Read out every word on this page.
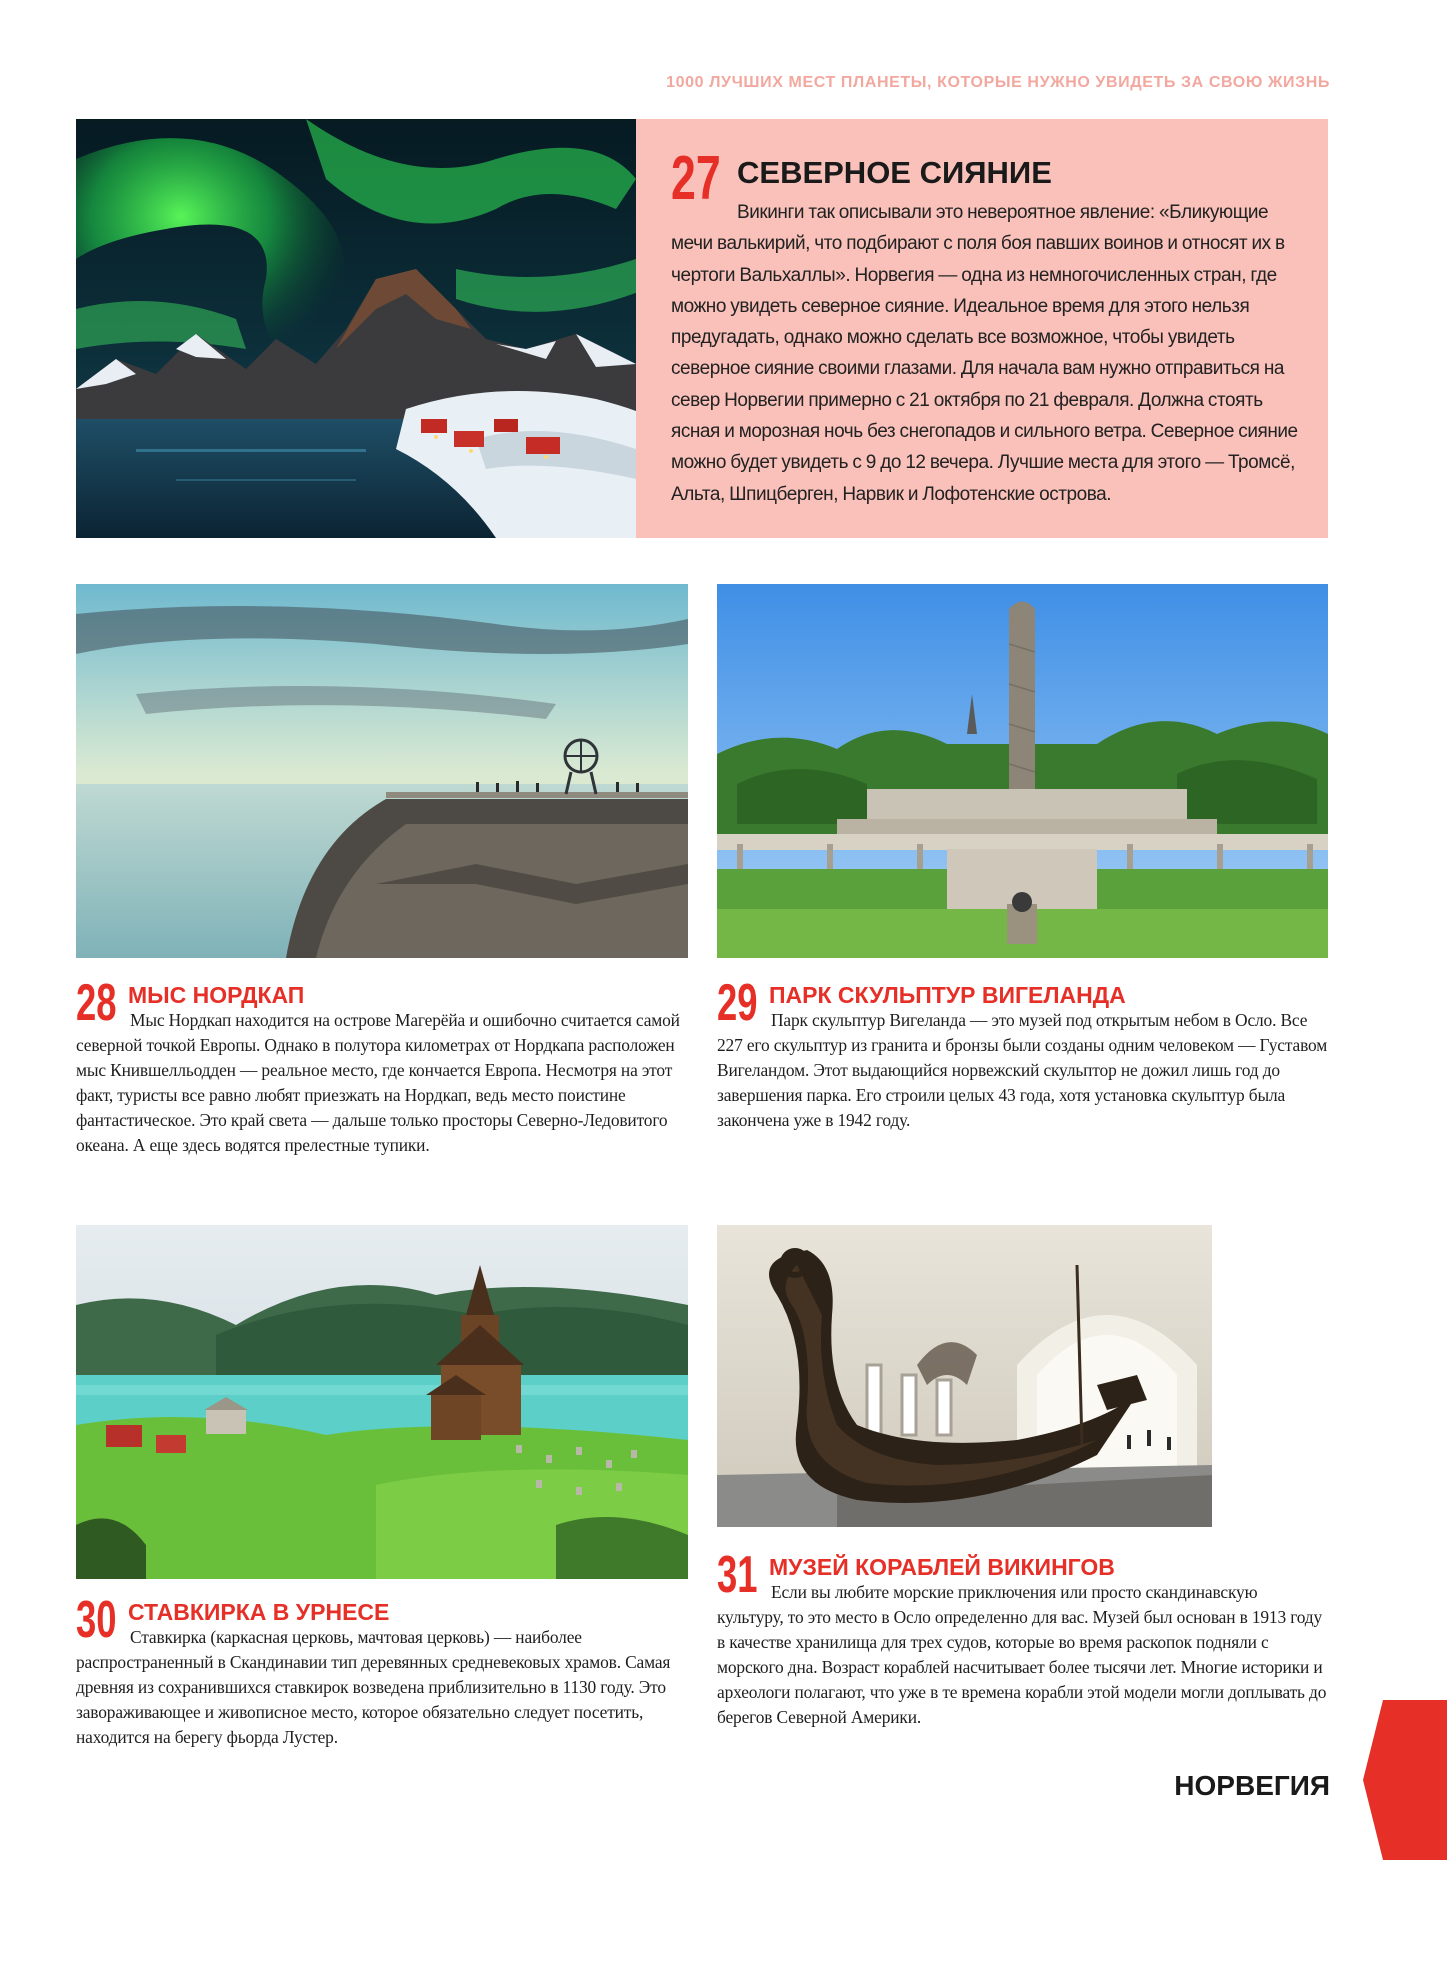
1000 ЛУЧШИХ МЕСТ ПЛАНЕТЫ, КОТОРЫЕ НУЖНО УВИДЕТЬ ЗА СВОЮ ЖИЗНЬ
27 СЕВЕРНОЕ СИЯНИЕ
Викинги так описывали это невероятное явление: «Бликующие мечи валькирий, что подбирают с поля боя павших воинов и относят их в чертоги Вальхаллы». Норвегия — одна из немногочисленных стран, где можно увидеть северное сияние. Идеальное время для этого нельзя предугадать, однако можно сделать все возможное, чтобы увидеть северное сияние своими глазами. Для начала вам нужно отправиться на север Норвегии примерно с 21 октября по 21 февраля. Должна стоять ясная и морозная ночь без снегопадов и сильного ветра. Северное сияние можно будет увидеть с 9 до 12 вечера. Лучшие места для этого — Тромсё, Альта, Шпицберген, Нарвик и Лофотенские острова.
28 МЫС НОРДКАП
Мыс Нордкап находится на острове Магерёйа и ошибочно считается самой северной точкой Европы. Однако в полутора километрах от Нордкапа расположен мыс Кнившелльодден — реальное место, где кончается Европа. Несмотря на этот факт, туристы все равно любят приезжать на Нордкап, ведь место поистине фантастическое. Это край света — дальше только просторы Северно-Ледовитого океана. А еще здесь водятся прелестные тупики.
29 ПАРК СКУЛЬПТУР ВИГЕЛАНДА
Парк скульптур Вигеланда — это музей под открытым небом в Осло. Все 227 его скульптур из гранита и бронзы были созданы одним человеком — Густавом Вигеландом. Этот выдающийся норвежский скульптор не дожил лишь год до завершения парка. Его строили целых 43 года, хотя установка скульптур была закончена уже в 1942 году.
30 СТАВКИРКА В УРНЕСЕ
Ставкирка (каркасная церковь, мачтовая церковь) — наиболее распространенный в Скандинавии тип деревянных средневековых храмов. Самая древняя из сохранившихся ставкирок возведена приблизительно в 1130 году. Это завораживающее и живописное место, которое обязательно следует посетить, находится на берегу фьорда Лустер.
31 МУЗЕЙ КОРАБЛЕЙ ВИКИНГОВ
Если вы любите морские приключения или просто скандинавскую культуру, то это место в Осло определенно для вас. Музей был основан в 1913 году в качестве хранилища для трех судов, которые во время раскопок подняли с морского дна. Возраст кораблей насчитывает более тысячи лет. Многие историки и археологи полагают, что уже в те времена корабли этой модели могли доплывать до берегов Северной Америки.
НОРВЕГИЯ
